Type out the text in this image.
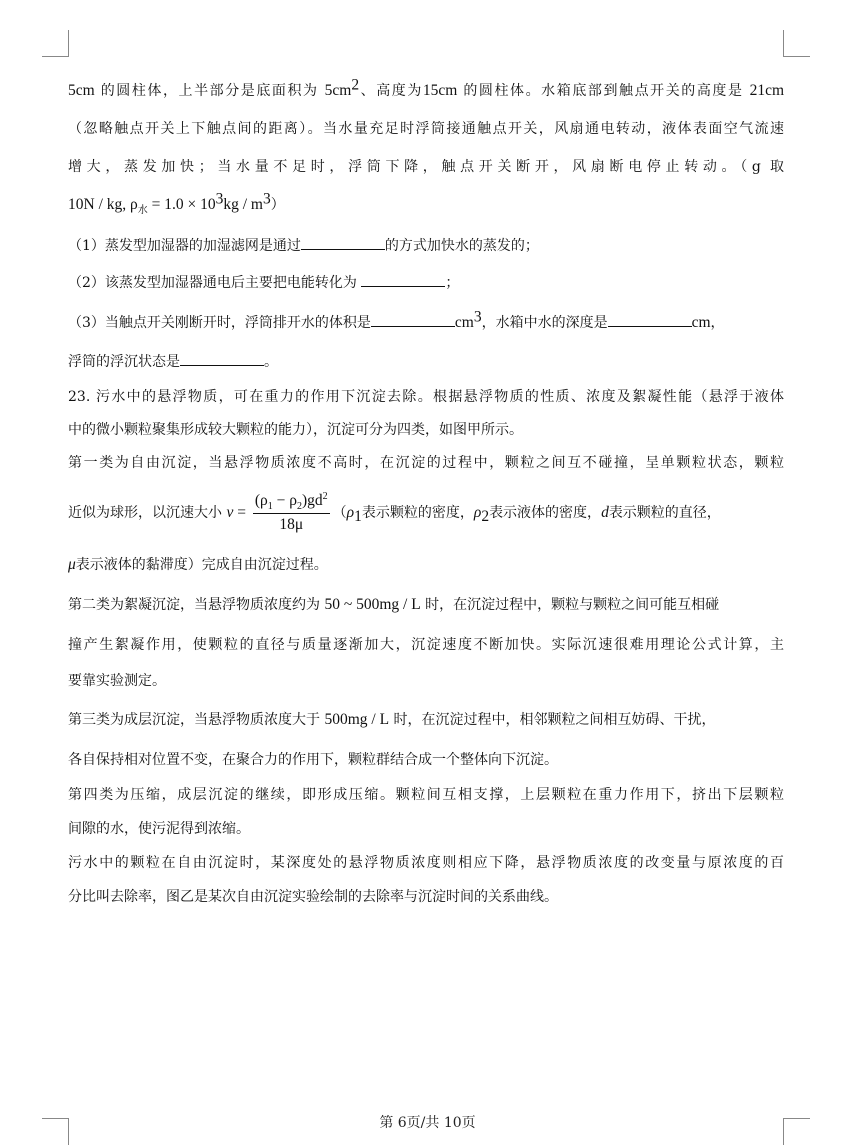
5cm 的圆柱体，上半部分是底面积为 $5cm^2$、高度为15cm 的圆柱体。水箱底部到触点开关的高度是 21cm
（忽略触点开关上下触点间的距离）。当水量充足时浮筒接通触点开关，风扇通电转动，液体表面空气流速
增大，蒸发加快；当水量不足时，浮筒下降，触点开关断开，风扇断电停止转动。（g 取
10N / kg, $\rho_水 = 1.0 \times 10^3kg / m^3$）
（1）蒸发型加湿器的加湿滤网是通过	的方式加快水的蒸发的；
（2）该蒸发型加湿器通电后主要把电能转化为	；
（3）当触点开关刚断开时，浮筒排开水的体积是	$cm^3$，水箱中水的深度是	cm，
浮筒的浮沉状态是	。
23. 污水中的悬浮物质，可在重力的作用下沉淀去除。根据悬浮物质的性质、浓度及絮凝性能（悬浮于液体
中的微小颗粒聚集形成较大颗粒的能力），沉淀可分为四类，如图甲所示。
第一类为自由沉淀，当悬浮物质浓度不高时，在沉淀的过程中，颗粒之间互不碰撞，呈单颗粒状态，颗粒
近似为球形，以沉速大小 $v = \frac{(\rho_1 - \rho_2)gd^2}{18\mu} (\rho_1$表示颗粒的密度，$\rho_2$表示液体的密度，d表示颗粒的直径，
μ表示液体的黏滞度）完成自由沉淀过程。
第二类为絮凝沉淀，当悬浮物质浓度约为 50 ~ 500mg / L 时，在沉淀过程中，颗粒与颗粒之间可能互相碰
撞产生絮凝作用，使颗粒的直径与质量逐渐加大，沉淀速度不断加快。实际沉速很难用理论公式计算，主
要靠实验测定。
第三类为成层沉淀，当悬浮物质浓度大于 500mg / L 时，在沉淀过程中，相邻颗粒之间相互妨碍、干扰，
各自保持相对位置不变，在聚合力的作用下，颗粒群结合成一个整体向下沉淀。
第四类为压缩，成层沉淀的继续，即形成压缩。颗粒间互相支撑，上层颗粒在重力作用下，挤出下层颗粒
间隙的水，使污泥得到浓缩。
污水中的颗粒在自由沉淀时，某深度处的悬浮物质浓度则相应下降，悬浮物质浓度的改变量与原浓度的百
分比叫去除率，图乙是某次自由沉淀实验绘制的去除率与沉淀时间的关系曲线。
第 6页/共 10页
